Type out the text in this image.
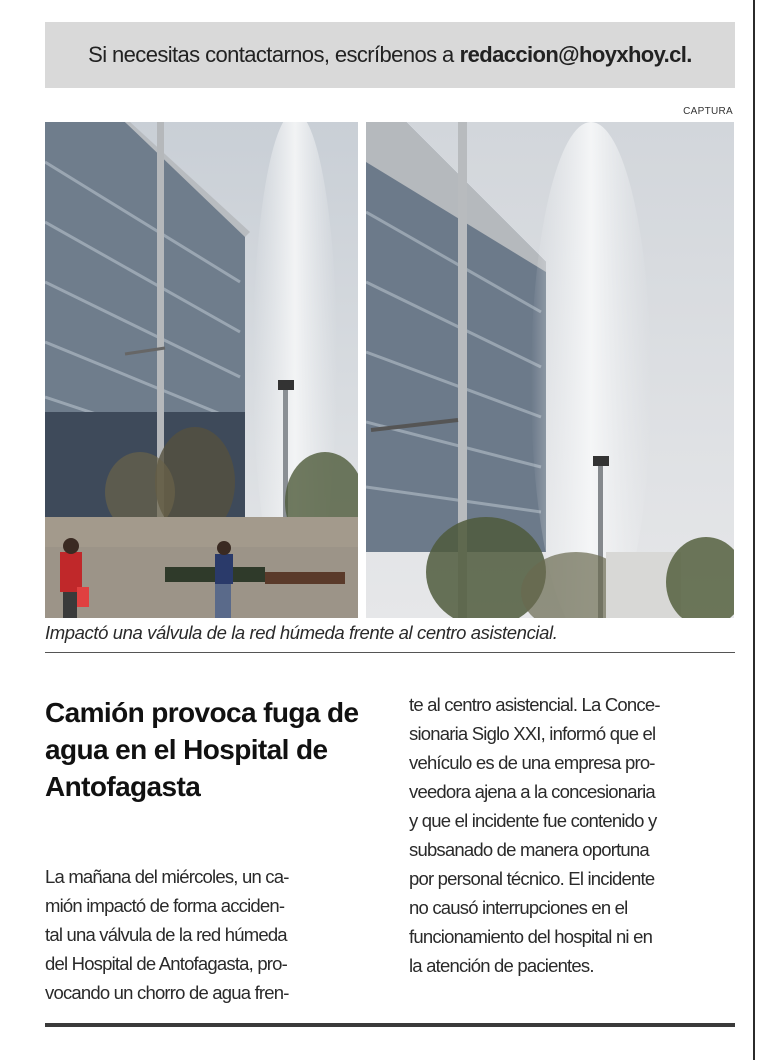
Si necesitas contactarnos, escríbenos a redaccion@hoyxhoy.cl.
CAPTURA
Impactó una válvula de la red húmeda frente al centro asistencial.
Camión provoca fuga de agua en el Hospital de Antofagasta

La mañana del miércoles, un ca-
mión impactó de forma acciden-
tal una válvula de la red húmeda
del Hospital de Antofagasta, pro-
vocando un chorro de agua fren-

te al centro asistencial. La Conce-
sionaria Siglo XXI, informó que el
vehículo es de una empresa pro-
veedora ajena a la concesionaria
y que el incidente fue contenido y
subsanado de manera oportuna
por personal técnico. El incidente
no causó interrupciones en el
funcionamiento del hospital ni en
la atención de pacientes.
